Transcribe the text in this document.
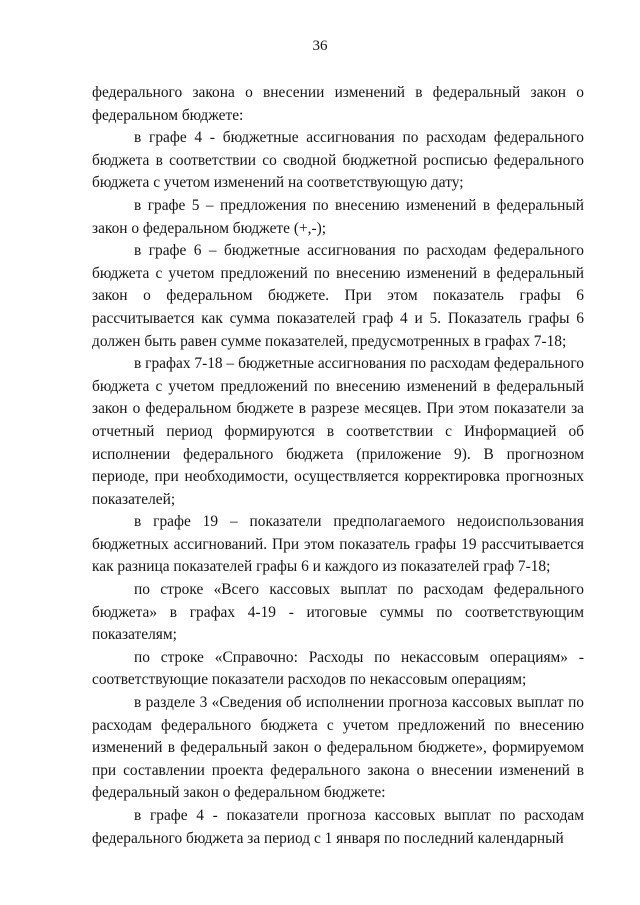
36

федерального закона о внесении изменений в федеральный закон о федеральном бюджете:

в графе 4 - бюджетные ассигнования по расходам федерального бюджета в соответствии со сводной бюджетной росписью федерального бюджета с учетом изменений на соответствующую дату;

в графе 5 – предложения по внесению изменений в федеральный закон о федеральном бюджете (+,-);

в графе 6 – бюджетные ассигнования по расходам федерального бюджета с учетом предложений по внесению изменений в федеральный закон о федеральном бюджете. При этом показатель графы 6 рассчитывается как сумма показателей граф 4 и 5. Показатель графы 6 должен быть равен сумме показателей, предусмотренных в графах 7-18;

в графах 7-18 – бюджетные ассигнования по расходам федерального бюджета с учетом предложений по внесению изменений в федеральный закон о федеральном бюджете в разрезе месяцев. При этом показатели за отчетный период формируются в соответствии с Информацией об исполнении федерального бюджета (приложение 9). В прогнозном периоде, при необходимости, осуществляется корректировка прогнозных показателей;

в графе 19 – показатели предполагаемого недоиспользования бюджетных ассигнований. При этом показатель графы 19 рассчитывается как разница показателей графы 6 и каждого из показателей граф 7-18;

по строке «Всего кассовых выплат по расходам федерального бюджета» в графах 4-19 - итоговые суммы по соответствующим показателям;

по строке «Справочно: Расходы по некассовым операциям» - соответствующие показатели расходов по некассовым операциям;

в разделе 3 «Сведения об исполнении прогноза кассовых выплат по расходам федерального бюджета с учетом предложений по внесению изменений в федеральный закон о федеральном бюджете», формируемом при составлении проекта федерального закона о внесении изменений в федеральный закон о федеральном бюджете:

в графе 4 - показатели прогноза кассовых выплат по расходам федерального бюджета за период с 1 января по последний календарный
